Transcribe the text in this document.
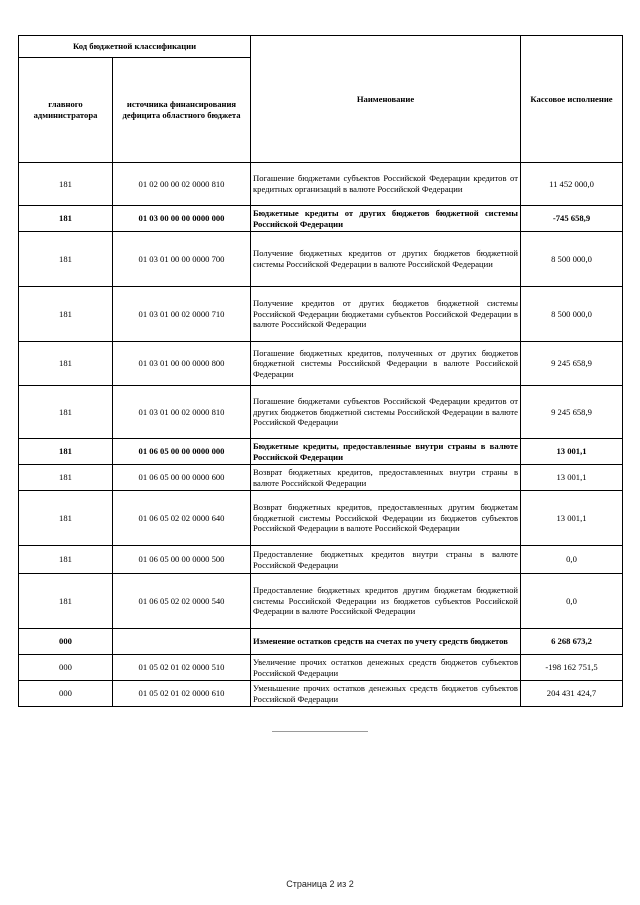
Код бюджетной классификации		Наименование	Кассовое исполнение
главного администратора	источника финансирования дефицита областного бюджета		
181	01 02 00 00 02 0000 810	Погашение бюджетами субъектов Российской Федерации кредитов от кредитных организаций в валюте Российской Федерации	11 452 000,0
181	01 03 00 00 00 0000 000	Бюджетные кредиты от других бюджетов бюджетной системы Российской Федерации	-745 658,9
181	01 03 01 00 00 0000 700	Получение бюджетных кредитов от других бюджетов бюджетной системы Российской Федерации в валюте Российской Федерации	8 500 000,0
181	01 03 01 00 02 0000 710	Получение кредитов от других бюджетов бюджетной системы Российской Федерации бюджетами субъектов Российской Федерации в валюте Российской Федерации	8 500 000,0
181	01 03 01 00 00 0000 800	Погашение бюджетных кредитов, полученных от других бюджетов бюджетной системы Российской Федерации в валюте Российской Федерации	9 245 658,9
181	01 03 01 00 02 0000 810	Погашение бюджетами субъектов Российской Федерации кредитов от других бюджетов бюджетной системы Российской Федерации в валюте Российской Федерации	9 245 658,9
181	01 06 05 00 00 0000 000	Бюджетные кредиты, предоставленные внутри страны в валюте Российской Федерации	13 001,1
181	01 06 05 00 00 0000 600	Возврат бюджетных кредитов, предоставленных внутри страны в валюте Российской Федерации	13 001,1
181	01 06 05 02 02 0000 640	Возврат бюджетных кредитов, предоставленных другим бюджетам бюджетной системы Российской Федерации из бюджетов субъектов Российской Федерации в валюте Российской Федерации	13 001,1
181	01 06 05 00 00 0000 500	Предоставление бюджетных кредитов внутри страны в валюте Российской Федерации	0,0
181	01 06 05 02 02 0000 540	Предоставление бюджетных кредитов другим бюджетам бюджетной системы Российской Федерации из бюджетов субъектов Российской Федерации в валюте Российской Федерации	0,0
000		Изменение остатков средств на счетах по учету средств бюджетов	6 268 673,2
000	01 05 02 01 02 0000 510	Увеличение прочих остатков денежных средств бюджетов субъектов Российской Федерации	-198 162 751,5
000	01 05 02 01 02 0000 610	Уменьшение прочих остатков денежных средств бюджетов субъектов Российской Федерации	204 431 424,7
Страница 2 из 2
